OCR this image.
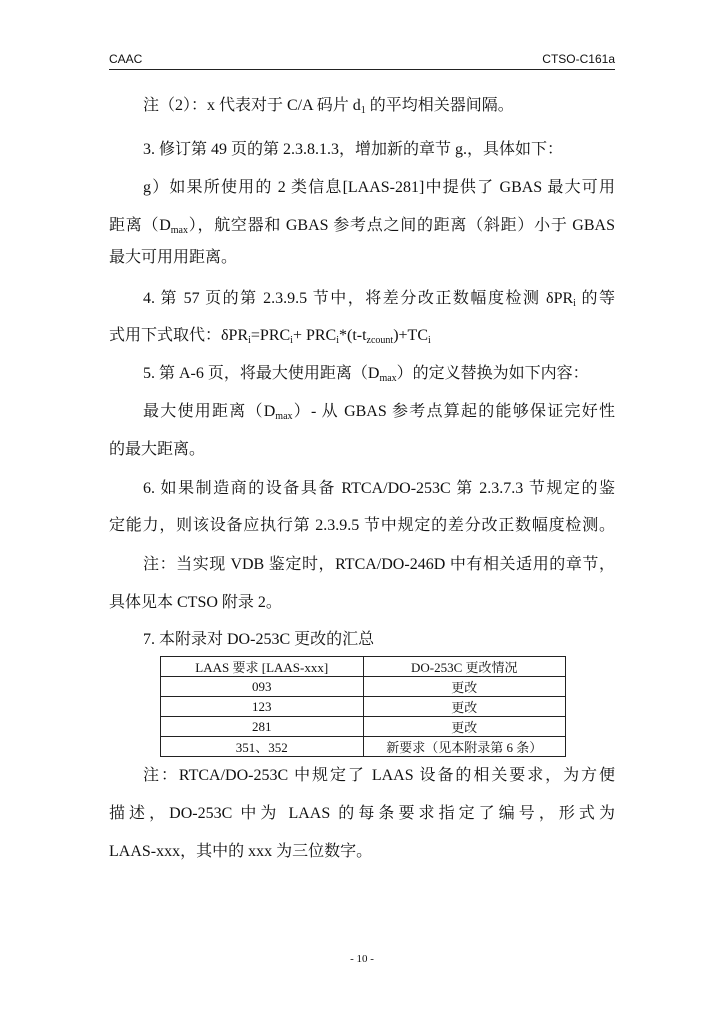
CAAC	CTSO-C161a
注（2）：x 代表对于 C/A 码片 $d_1$ 的平均相关器间隔。
3. 修订第 49 页的第 2.3.8.1.3，增加新的章节 g.，具体如下：
g）如果所使用的 2 类信息[LAAS-281]中提供了 GBAS 最大可用
距离$(D_{max})$，航空器和 GBAS 参考点之间的距离（斜距）小于 GBAS
最大可用用距离。
4. 第 57 页的第 2.3.9.5 节中，将差分改正数幅度检测 δPR$_i$ 的等
式用下式取代：$\delta PR_i=PRC_i+ PRC_i*(t-t_{zcount})+TC_i$
5. 第 A-6 页，将最大使用距离$(D_{max})$的定义替换为如下内容：
最大使用距离$(D_{max})-$ 从 GBAS 参考点算起的能够保证完好性
的最大距离。
6. 如果制造商的设备具备 RTCA/DO-253C 第 2.3.7.3 节规定的鉴
定能力，则该设备应执行第 2.3.9.5 节中规定的差分改正数幅度检测。
注：当实现 VDB 鉴定时，RTCA/DO-246D 中有相关适用的章节，
具体见本 CTSO 附录 2。
7. 本附录对 DO-253C 更改的汇总
LAAS 要求 [LAAS-xxx]	DO-253C 更改情况
093	更改
123	更改
281	更改
351、352	新要求（见本附录第 6 条）
注：RTCA/DO-253C 中规定了 LAAS 设备的相关要求，为方便
描述，DO-253C 中为 LAAS 的每条要求指定了编号，形式为
LAAS-xxx，其中的 xxx 为三位数字。
- 10 -
